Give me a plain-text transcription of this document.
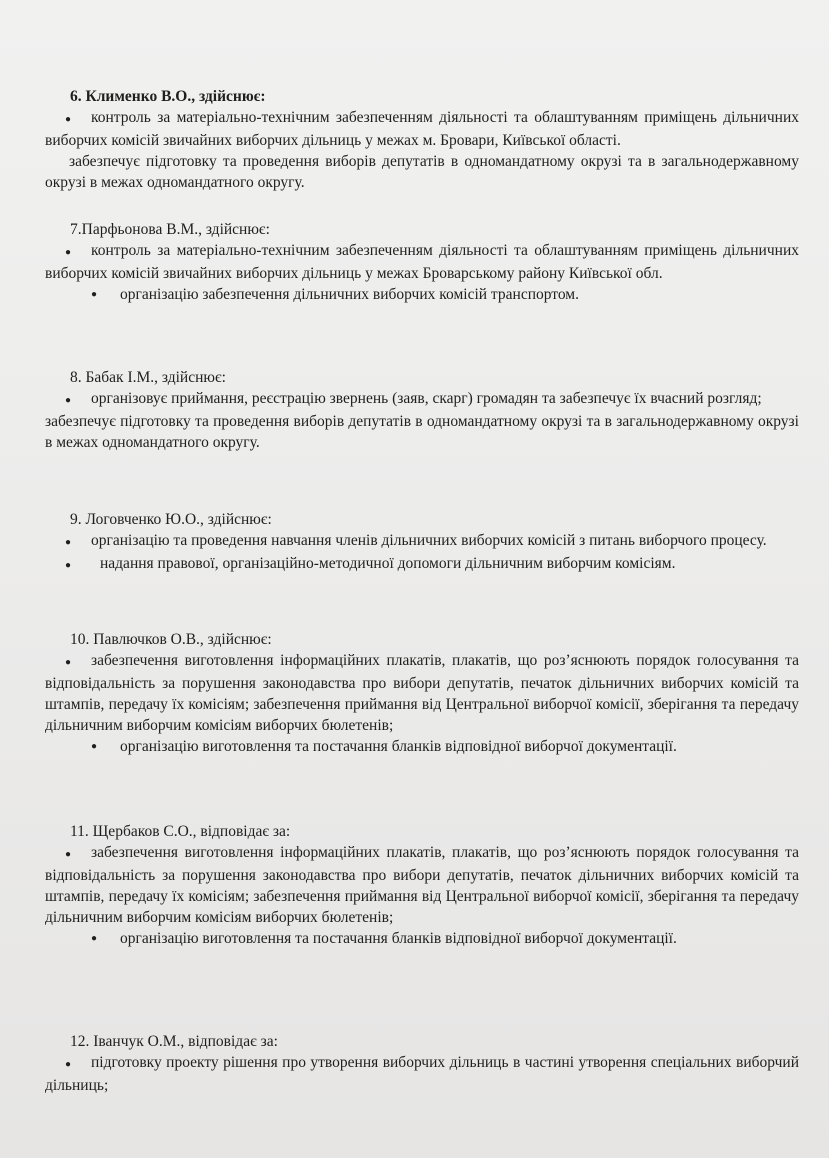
6. Клименко В.О., здійснює:
● контроль за матеріально-технічним забезпеченням діяльності та облаштуванням приміщень дільничних виборчих комісій звичайних виборчих дільниць у межах м. Бровари, Київської області.
забезпечує підготовку та проведення виборів депутатів в одномандатному окрузі та в загальнодержавному окрузі в межах одномандатного округу.
7.Парфьонова В.М., здійснює:
● контроль за матеріально-технічним забезпеченням діяльності та облаштуванням приміщень дільничних виборчих комісій звичайних виборчих дільниць у межах Броварському району Київської обл.
●	організацію забезпечення дільничних виборчих комісій транспортом.
8. Бабак І.М., здійснює:
● організовує приймання, реєстрацію звернень (заяв, скарг) громадян та забезпечує їх вчасний розгляд;
забезпечує підготовку та проведення виборів депутатів в одномандатному окрузі та в загальнодержавному окрузі в межах одномандатного округу.
9. Логовченко Ю.О., здійснює:
● організацію та проведення навчання членів дільничних виборчих комісій з питань виборчого процесу.
● надання правової, організаційно-методичної допомоги дільничним виборчим комісіям.
10. Павлючков О.В., здійснює:
● забезпечення виготовлення інформаційних плакатів, плакатів, що роз’яснюють порядок голосування та відповідальність за порушення законодавства про вибори депутатів, печаток дільничних виборчих комісій та штампів, передачу їх комісіям; забезпечення приймання від Центральної виборчої комісії, зберігання та передачу дільничним виборчим комісіям виборчих бюлетенів;
●	організацію виготовлення та постачання бланків відповідної виборчої документації.
11. Щербаков С.О., відповідає за:
● забезпечення виготовлення інформаційних плакатів, плакатів, що роз’яснюють порядок голосування та відповідальність за порушення законодавства про вибори депутатів, печаток дільничних виборчих комісій та штампів, передачу їх комісіям; забезпечення приймання від Центральної виборчої комісії, зберігання та передачу дільничним виборчим комісіям виборчих бюлетенів;
●	організацію виготовлення та постачання бланків відповідної виборчої документації.
12. Іванчук О.М., відповідає за:
● підготовку проекту рішення про утворення виборчих дільниць в частині утворення спеціальних виборчий дільниць;
